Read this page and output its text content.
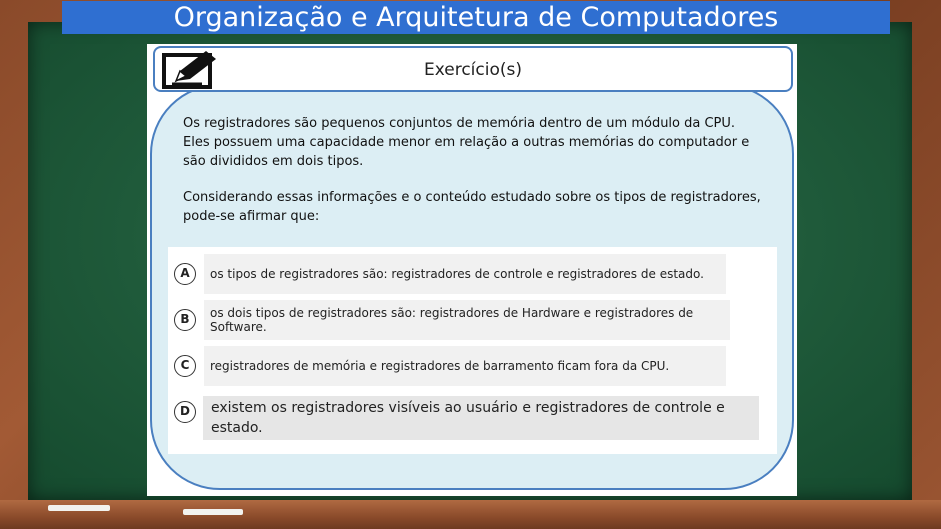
Organização e Arquitetura de Computadores
Exercício(s)
Os registradores são pequenos conjuntos de memória dentro de um módulo da CPU. Eles possuem uma capacidade menor em relação a outras memórias do computador e são divididos em dois tipos.
Considerando essas informações e o conteúdo estudado sobre os tipos de registradores, pode-se afirmar que:
A	os tipos de registradores são: registradores de controle e registradores de estado.
B	os dois tipos de registradores são: registradores de Hardware e registradores de Software.
C	registradores de memória e registradores de barramento ficam fora da CPU.
D	existem os registradores visíveis ao usuário e registradores de controle e estado.
